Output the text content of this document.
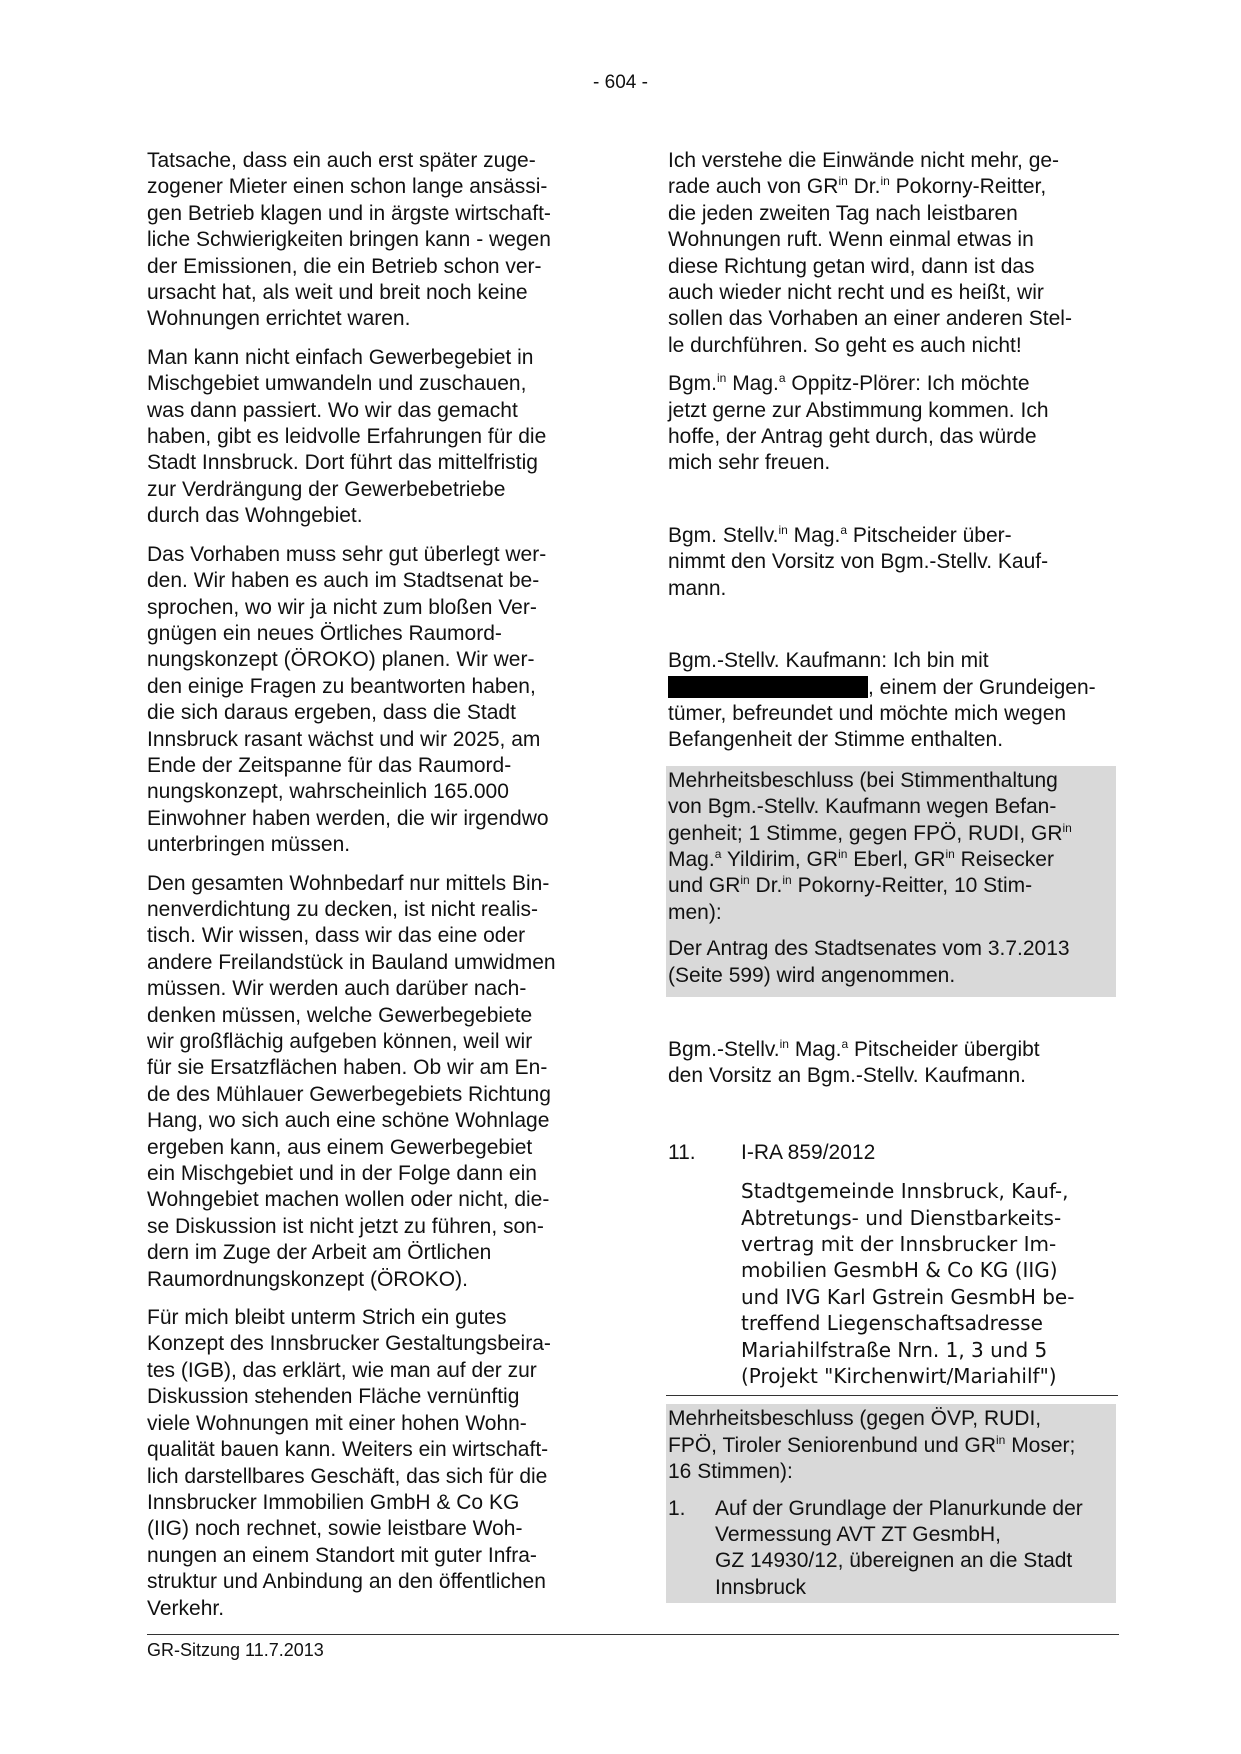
- 604 -

Tatsache, dass ein auch erst später zuge-
zogener Mieter einen schon lange ansässi-
gen Betrieb klagen und in ärgste wirtschaft-
liche Schwierigkeiten bringen kann - wegen
der Emissionen, die ein Betrieb schon ver-
ursacht hat, als weit und breit noch keine
Wohnungen errichtet waren.

Man kann nicht einfach Gewerbegebiet in
Mischgebiet umwandeln und zuschauen,
was dann passiert. Wo wir das gemacht
haben, gibt es leidvolle Erfahrungen für die
Stadt Innsbruck. Dort führt das mittelfristig
zur Verdrängung der Gewerbebetriebe
durch das Wohngebiet.

Das Vorhaben muss sehr gut überlegt wer-
den. Wir haben es auch im Stadtsenat be-
sprochen, wo wir ja nicht zum bloßen Ver-
gnügen ein neues Örtliches Raumord-
nungskonzept (ÖROKO) planen. Wir wer-
den einige Fragen zu beantworten haben,
die sich daraus ergeben, dass die Stadt
Innsbruck rasant wächst und wir 2025, am
Ende der Zeitspanne für das Raumord-
nungskonzept, wahrscheinlich 165.000
Einwohner haben werden, die wir irgendwo
unterbringen müssen.

Den gesamten Wohnbedarf nur mittels Bin-
nenverdichtung zu decken, ist nicht realis-
tisch. Wir wissen, dass wir das eine oder
andere Freilandstück in Bauland umwidmen
müssen. Wir werden auch darüber nach-
denken müssen, welche Gewerbegebiete
wir großflächig aufgeben können, weil wir
für sie Ersatzflächen haben. Ob wir am En-
de des Mühlauer Gewerbegebiets Richtung
Hang, wo sich auch eine schöne Wohnlage
ergeben kann, aus einem Gewerbegebiet
ein Mischgebiet und in der Folge dann ein
Wohngebiet machen wollen oder nicht, die-
se Diskussion ist nicht jetzt zu führen, son-
dern im Zuge der Arbeit am Örtlichen
Raumordnungskonzept (ÖROKO).

Für mich bleibt unterm Strich ein gutes
Konzept des Innsbrucker Gestaltungsbeira-
tes (IGB), das erklärt, wie man auf der zur
Diskussion stehenden Fläche vernünftig
viele Wohnungen mit einer hohen Wohn-
qualität bauen kann. Weiters ein wirtschaft-
lich darstellbares Geschäft, das sich für die
Innsbrucker Immobilien GmbH & Co KG
(IIG) noch rechnet, sowie leistbare Woh-
nungen an einem Standort mit guter Infra-
struktur und Anbindung an den öffentlichen
Verkehr.

Ich verstehe die Einwände nicht mehr, ge-
rade auch von $GR^{in}$ Dr.$^{in}$ Pokorny-Reitter,
die jeden zweiten Tag nach leistbaren
Wohnungen ruft. Wenn einmal etwas in
diese Richtung getan wird, dann ist das
auch wieder nicht recht und es heißt, wir
sollen das Vorhaben an einer anderen Stel-
le durchführen. So geht es auch nicht!

Bgm.$^{in}$ Mag.$^a$ Oppitz-Plörer: Ich möchte
jetzt gerne zur Abstimmung kommen. Ich
hoffe, der Antrag geht durch, das würde
mich sehr freuen.

Bgm. Stellv.$^{in}$ Mag.$^a$ Pitscheider über-
nimmt den Vorsitz von Bgm.-Stellv. Kauf-
mann.

Bgm.-Stellv. Kaufmann: Ich bin mit
, einem der Grundeigen-
tümer, befreundet und möchte mich wegen
Befangenheit der Stimme enthalten.

Mehrheitsbeschluss (bei Stimmenthaltung
von Bgm.-Stellv. Kaufmann wegen Befan-
genheit; 1 Stimme, gegen FPÖ, RUDI, $GR^{in}$
Mag.$^a$ Yildirim, $GR^{in}$ Eberl, $GR^{in}$ Reisecker
und $GR^{in}$ Dr.$^{in}$ Pokorny-Reitter, 10 Stim-
men):

Der Antrag des Stadtsenates vom 3.7.2013
(Seite 599) wird angenommen.

Bgm.-Stellv.$^{in}$ Mag.$^a$ Pitscheider übergibt
den Vorsitz an Bgm.-Stellv. Kaufmann.

11.	I-RA 859/2012
Stadtgemeinde Innsbruck, Kauf-,
Abtretungs- und Dienstbarkeits-
vertrag mit der Innsbrucker Im-
mobilien GesmbH & Co KG (IIG)
und IVG Karl Gstrein GesmbH be-
treffend Liegenschaftsadresse
Mariahilfstraße Nrn. 1, 3 und 5
(Projekt "Kirchenwirt/Mariahilf")

Mehrheitsbeschluss (gegen ÖVP, RUDI,
FPÖ, Tiroler Seniorenbund und $GR^{in}$ Moser;
16 Stimmen):

1.	Auf der Grundlage der Planurkunde der
Vermessung AVT ZT GesmbH,
GZ 14930/12, übereignen an die Stadt
Innsbruck
GR-Sitzung 11.7.2013
